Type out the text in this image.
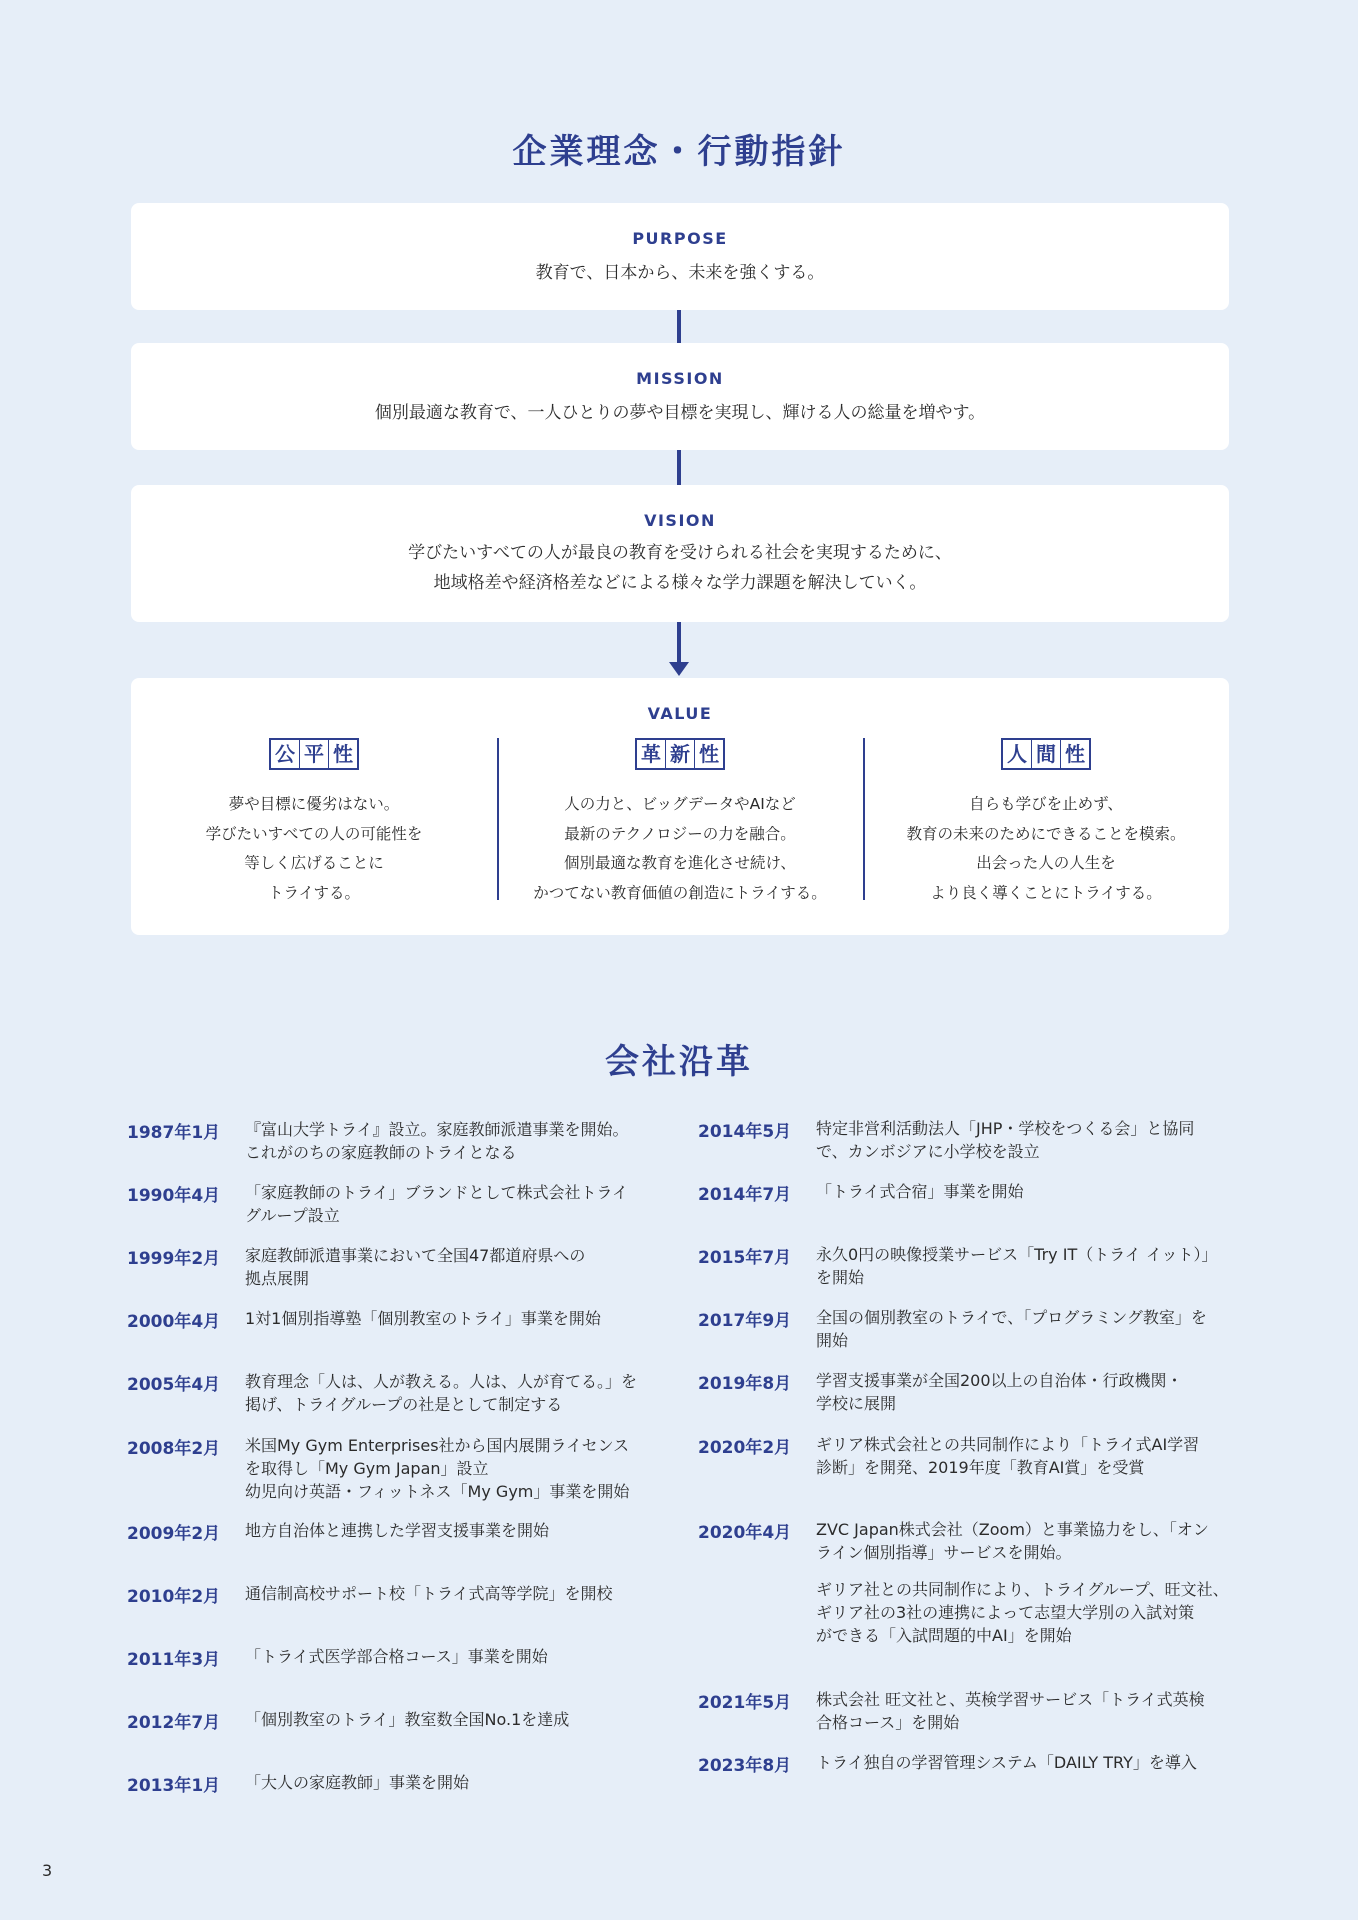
企業理念・行動指針
PURPOSE
教育で、日本から、未来を強くする。
MISSION
個別最適な教育で、一人ひとりの夢や目標を実現し、輝ける人の総量を増やす。
VISION
学びたいすべての人が最良の教育を受けられる社会を実現するために、
地域格差や経済格差などによる様々な学力課題を解決していく。
VALUE
公 平 性
夢や目標に優劣はない。
学びたいすべての人の可能性を
等しく広げることに
トライする。
革 新 性
人の力と、ビッグデータやAIなど
最新のテクノロジーの力を融合。
個別最適な教育を進化させ続け、
かつてない教育価値の創造にトライする。
人 間 性
自らも学びを止めず、
教育の未来のためにできることを模索。
出会った人の人生を
より良く導くことにトライする。
会社沿革
1987年1月	『富山大学トライ』設立。家庭教師派遣事業を開始。
これがのちの家庭教師のトライとなる
1990年4月	「家庭教師のトライ」ブランドとして株式会社トライ
グループ設立
1999年2月	家庭教師派遣事業において全国47都道府県への
拠点展開
2000年4月	1対1個別指導塾「個別教室のトライ」事業を開始
2005年4月	教育理念「人は、人が教える。人は、人が育てる。」を
掲げ、トライグループの社是として制定する
2008年2月	米国My Gym Enterprises社から国内展開ライセンス
を取得し「My Gym Japan」設立
幼児向け英語・フィットネス「My Gym」事業を開始
2009年2月	地方自治体と連携した学習支援事業を開始
2010年2月	通信制高校サポート校「トライ式高等学院」を開校
2011年3月	「トライ式医学部合格コース」事業を開始
2012年7月	「個別教室のトライ」教室数全国No.1を達成
2013年1月	「大人の家庭教師」事業を開始
2014年5月	特定非営利活動法人「JHP・学校をつくる会」と協同
で、カンボジアに小学校を設立
2014年7月	「トライ式合宿」事業を開始
2015年7月	永久0円の映像授業サービス「Try IT（トライ イット）」
を開始
2017年9月	全国の個別教室のトライで、「プログラミング教室」を
開始
2019年8月	学習支援事業が全国200以上の自治体・行政機関・
学校に展開
2020年2月	ギリア株式会社との共同制作により「トライ式AI学習
診断」を開発、2019年度「教育AI賞」を受賞
2020年4月	ZVC Japan株式会社（Zoom）と事業協力をし、「オン
ライン個別指導」サービスを開始。
ギリア社との共同制作により、トライグループ、旺文社、
ギリア社の3社の連携によって志望大学別の入試対策
ができる「入試問題的中AI」を開始
2021年5月	株式会社 旺文社と、英検学習サービス「トライ式英検
合格コース」を開始
2023年8月	トライ独自の学習管理システム「DAILY TRY」を導入
3
